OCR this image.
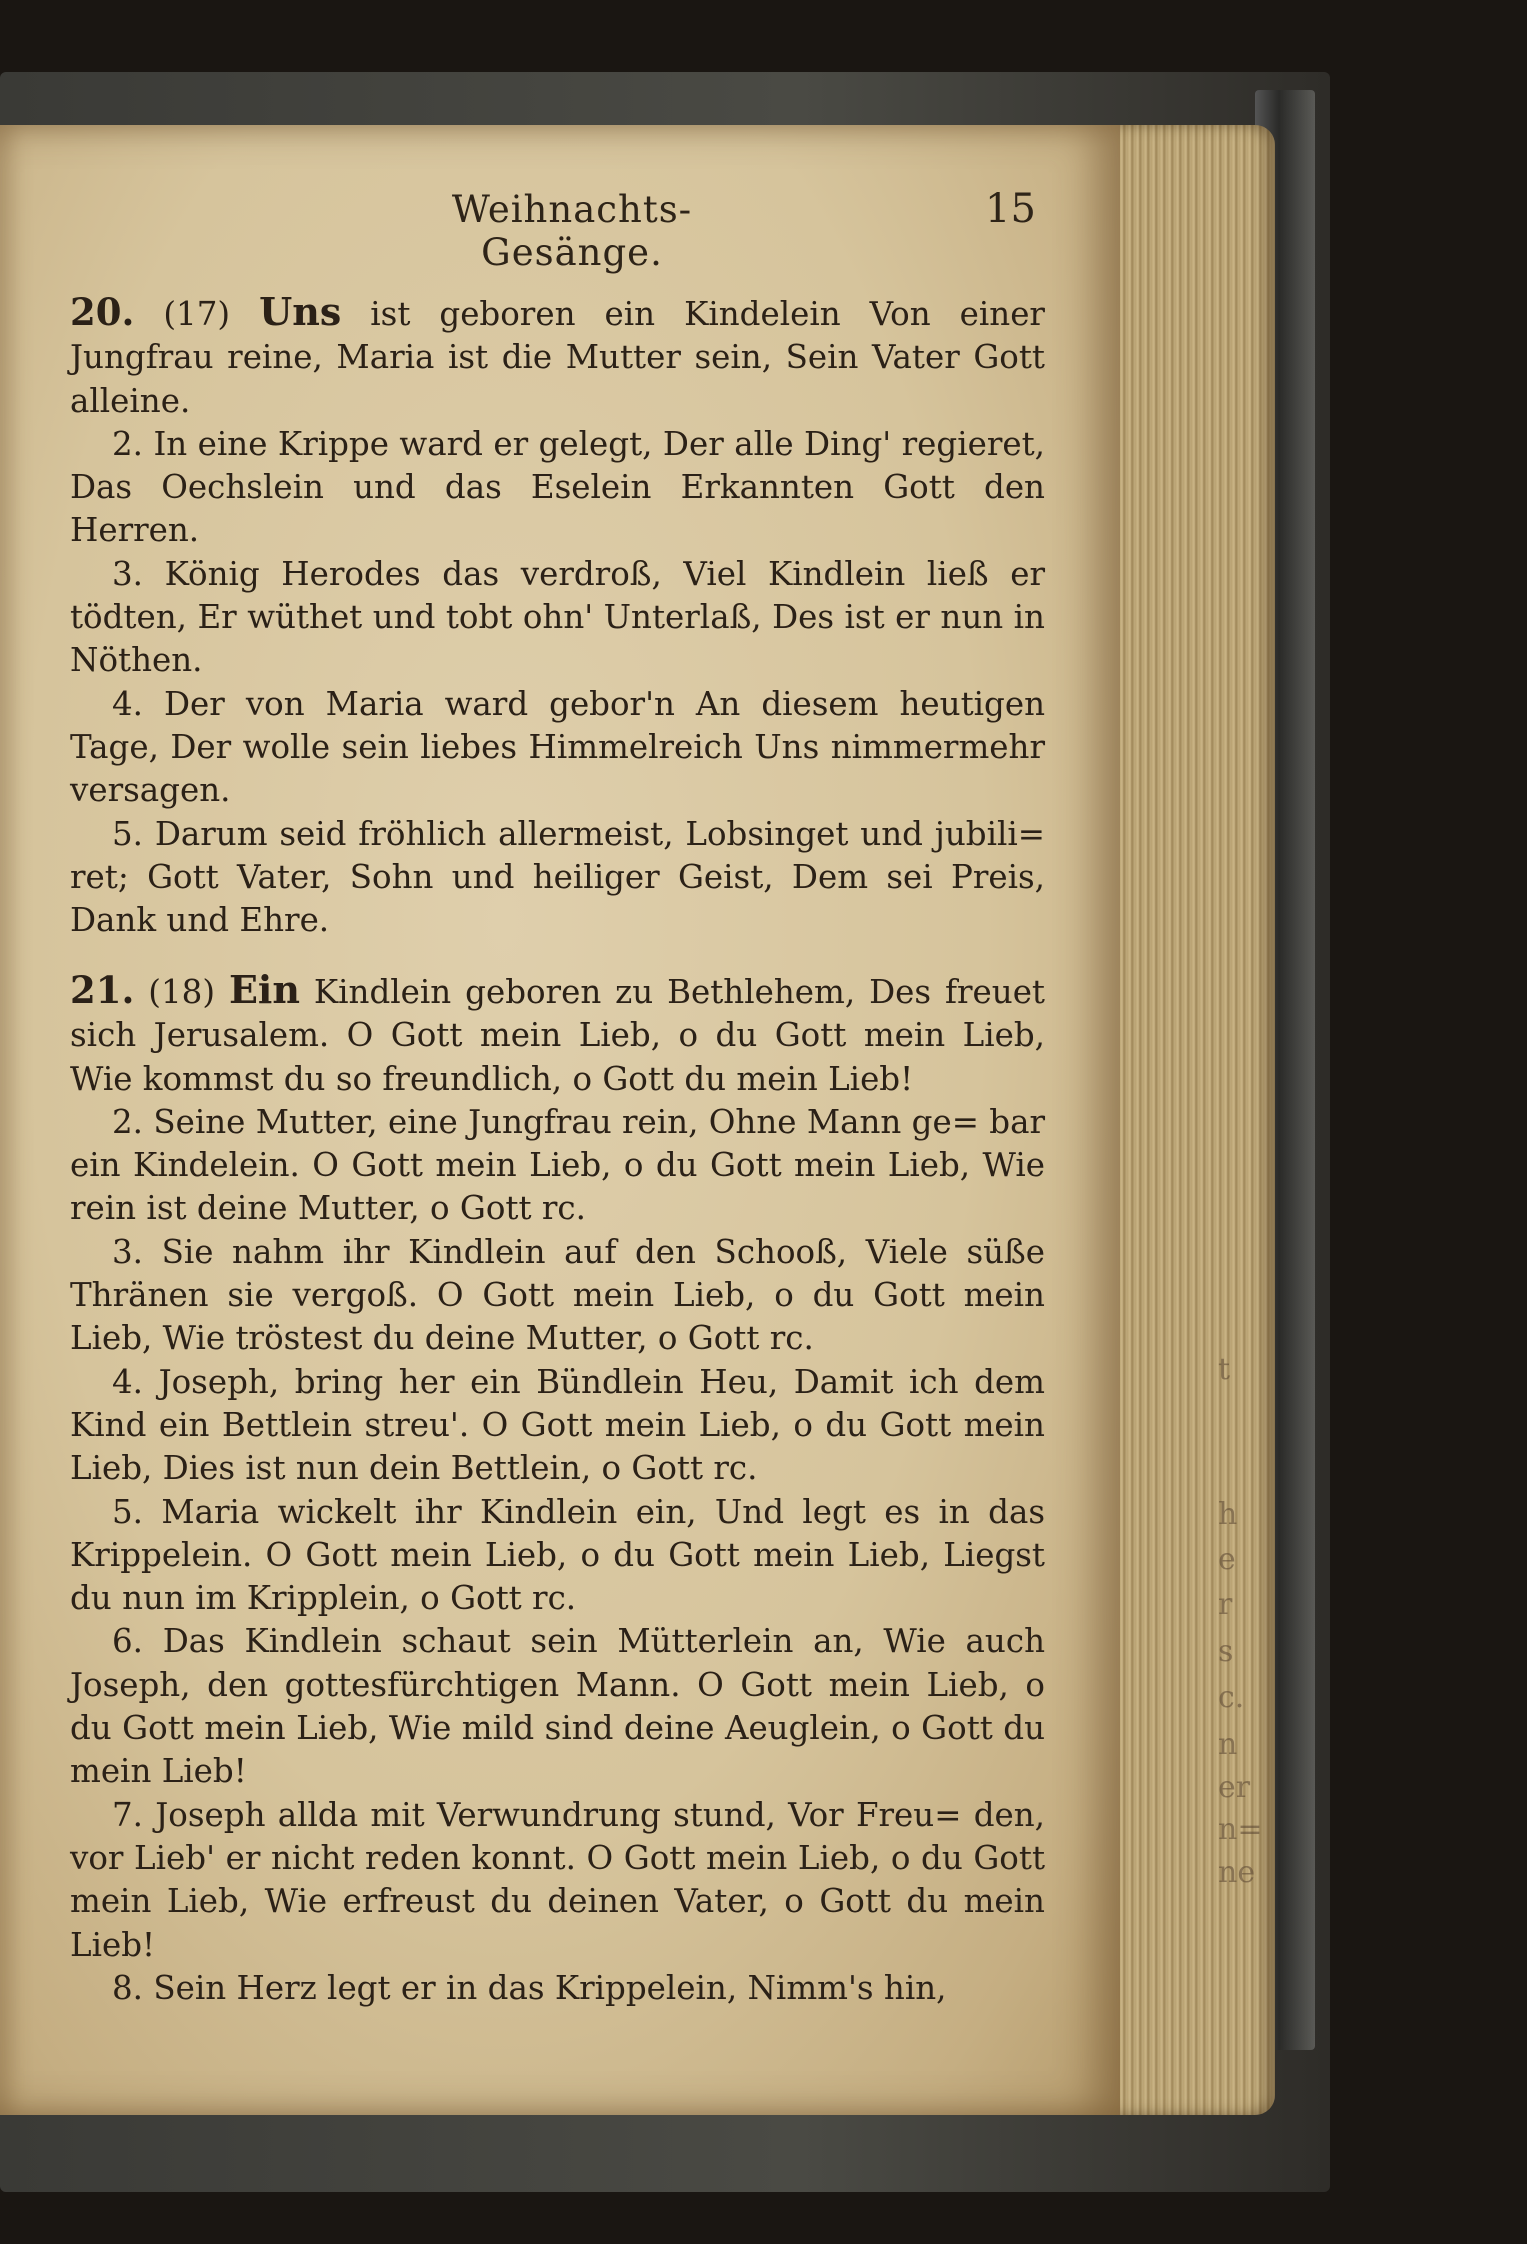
t
h
e
r
s
c.
n
er
n=
ne
Weihnachts-Gesänge.
15

20. (17) Uns ist geboren ein Kindelein Von einer Jungfrau reine, Maria ist die Mutter sein, Sein Vater Gott alleine.

2. In eine Krippe ward er gelegt, Der alle Ding' regieret, Das Oechslein und das Eselein Erkannten Gott den Herren.

3. König Herodes das verdroß, Viel Kindlein ließ er tödten, Er wüthet und tobt ohn' Unterlaß, Des ist er nun in Nöthen.

4. Der von Maria ward gebor'n An diesem heutigen Tage, Der wolle sein liebes Himmelreich Uns nimmermehr versagen.

5. Darum seid fröhlich allermeist, Lobsinget und jubili= ret; Gott Vater, Sohn und heiliger Geist, Dem sei Preis, Dank und Ehre.

21. (18) Ein Kindlein geboren zu Bethlehem, Des freuet sich Jerusalem. O Gott mein Lieb, o du Gott mein Lieb, Wie kommst du so freundlich, o Gott du mein Lieb!

2. Seine Mutter, eine Jungfrau rein, Ohne Mann ge= bar ein Kindelein. O Gott mein Lieb, o du Gott mein Lieb, Wie rein ist deine Mutter, o Gott rc.

3. Sie nahm ihr Kindlein auf den Schooß, Viele süße Thränen sie vergoß. O Gott mein Lieb, o du Gott mein Lieb, Wie tröstest du deine Mutter, o Gott rc.

4. Joseph, bring her ein Bündlein Heu, Damit ich dem Kind ein Bettlein streu'. O Gott mein Lieb, o du Gott mein Lieb, Dies ist nun dein Bettlein, o Gott rc.

5. Maria wickelt ihr Kindlein ein, Und legt es in das Krippelein. O Gott mein Lieb, o du Gott mein Lieb, Liegst du nun im Kripplein, o Gott rc.

6. Das Kindlein schaut sein Mütterlein an, Wie auch Joseph, den gottesfürchtigen Mann. O Gott mein Lieb, o du Gott mein Lieb, Wie mild sind deine Aeuglein, o Gott du mein Lieb!

7. Joseph allda mit Verwundrung stund, Vor Freu= den, vor Lieb' er nicht reden konnt. O Gott mein Lieb, o du Gott mein Lieb, Wie erfreust du deinen Vater, o Gott du mein Lieb!

8. Sein Herz legt er in das Krippelein, Nimm's hin,
